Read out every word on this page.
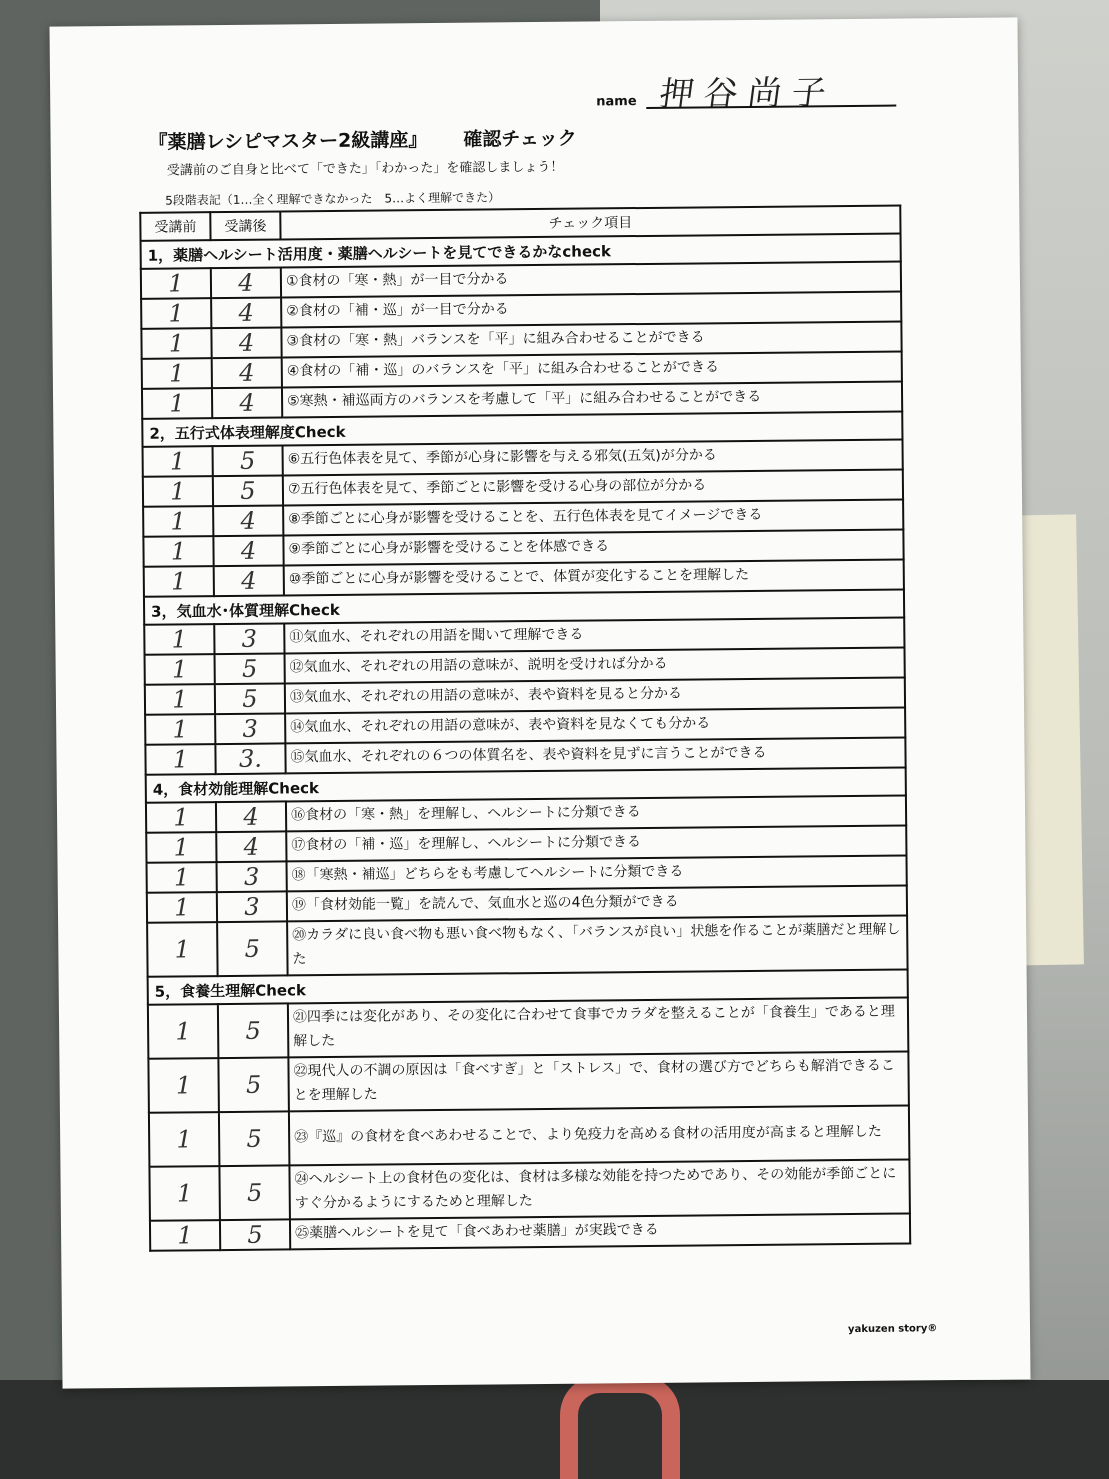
name 押谷尚子
『薬膳レシピマスター2級講座』 確認チェック
受講前のご自身と比べて「できた」「わかった」を確認しましょう！
5段階表記（1…全く理解できなかった　5…よく理解できた）
受講前	受講後	チェック項目
1，薬膳ヘルシート活用度・薬膳ヘルシートを見てできるかなcheck		
1	4	①食材の「寒・熱」が一目で分かる
1	4	②食材の「補・巡」が一目で分かる
1	4	③食材の「寒・熱」バランスを「平」に組み合わせることができる
1	4	④食材の「補・巡」のバランスを「平」に組み合わせることができる
1	4	⑤寒熱・補巡両方のバランスを考慮して「平」に組み合わせることができる
2，五行式体表理解度Check		
1	5	⑥五行色体表を見て、季節が心身に影響を与える邪気(五気)が分かる
1	5	⑦五行色体表を見て、季節ごとに影響を受ける心身の部位が分かる
1	4	⑧季節ごとに心身が影響を受けることを、五行色体表を見てイメージできる
1	4	⑨季節ごとに心身が影響を受けることを体感できる
1	4	⑩季節ごとに心身が影響を受けることで、体質が変化することを理解した
3，気血水･体質理解Check		
1	3	⑪気血水、それぞれの用語を聞いて理解できる
1	5	⑫気血水、それぞれの用語の意味が、説明を受ければ分かる
1	5	⑬気血水、それぞれの用語の意味が、表や資料を見ると分かる
1	3	⑭気血水、それぞれの用語の意味が、表や資料を見なくても分かる
1	3.	⑮気血水、それぞれの６つの体質名を、表や資料を見ずに言うことができる
4，食材効能理解Check		
1	4	⑯食材の「寒・熱」を理解し、ヘルシートに分類できる
1	4	⑰食材の「補・巡」を理解し、ヘルシートに分類できる
1	3	⑱「寒熱・補巡」どちらをも考慮してヘルシートに分類できる
1	3	⑲「食材効能一覧」を読んで、気血水と巡の4色分類ができる
1	5	⑳カラダに良い食べ物も悪い食べ物もなく、「バランスが良い」状態を作ることが薬膳だと理解した
5，食養生理解Check		
1	5	㉑四季には変化があり、その変化に合わせて食事でカラダを整えることが「食養生」であると理解した
1	5	㉒現代人の不調の原因は「食べすぎ」と「ストレス」で、食材の選び方でどちらも解消できることを理解した
1	5	㉓『巡』の食材を食べあわせることで、より免疫力を高める食材の活用度が高まると理解した
1	5	㉔ヘルシート上の食材色の変化は、食材は多様な効能を持つためであり、その効能が季節ごとにすぐ分かるようにするためと理解した
1	5	㉕薬膳ヘルシートを見て「食べあわせ薬膳」が実践できる
yakuzen story®
